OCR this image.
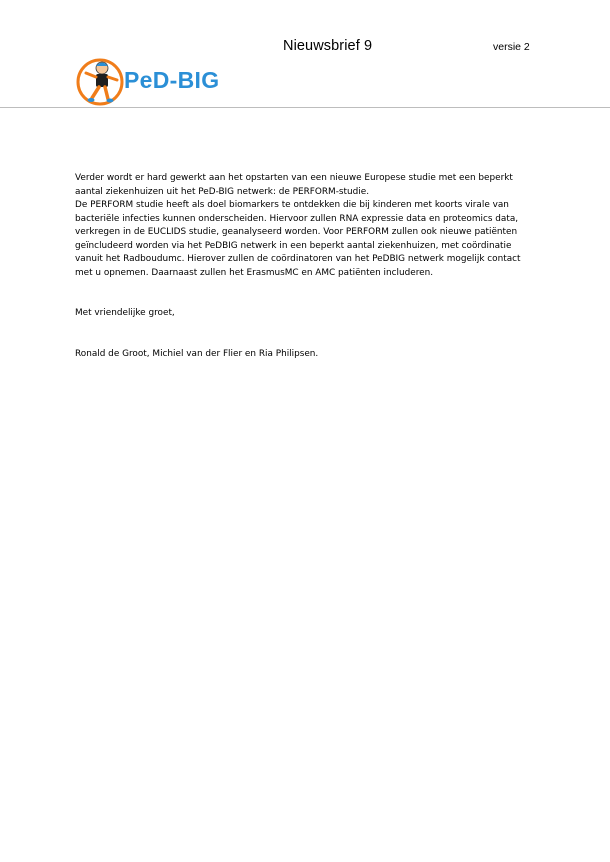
Nieuwsbrief 9	versie 2
PeD-BIG

Verder wordt er hard gewerkt aan het opstarten van een nieuwe Europese studie met een beperkt

aantal ziekenhuizen uit het PeD-BIG netwerk: de PERFORM-studie.

De PERFORM studie heeft als doel biomarkers te ontdekken die bij kinderen met koorts virale van

bacteriële infecties kunnen onderscheiden. Hiervoor zullen RNA expressie data en proteomics data,

verkregen in de EUCLIDS studie, geanalyseerd worden. Voor PERFORM zullen ook nieuwe patiënten

geïncludeerd worden via het PeDBIG netwerk in een beperkt aantal ziekenhuizen, met coördinatie

vanuit het Radboudumc. Hierover zullen de coördinatoren van het PeDBIG netwerk mogelijk contact

met u opnemen. Daarnaast zullen het ErasmusMC en AMC patiënten includeren.

Met vriendelijke groet,

Ronald de Groot, Michiel van der Flier en Ria Philipsen.
